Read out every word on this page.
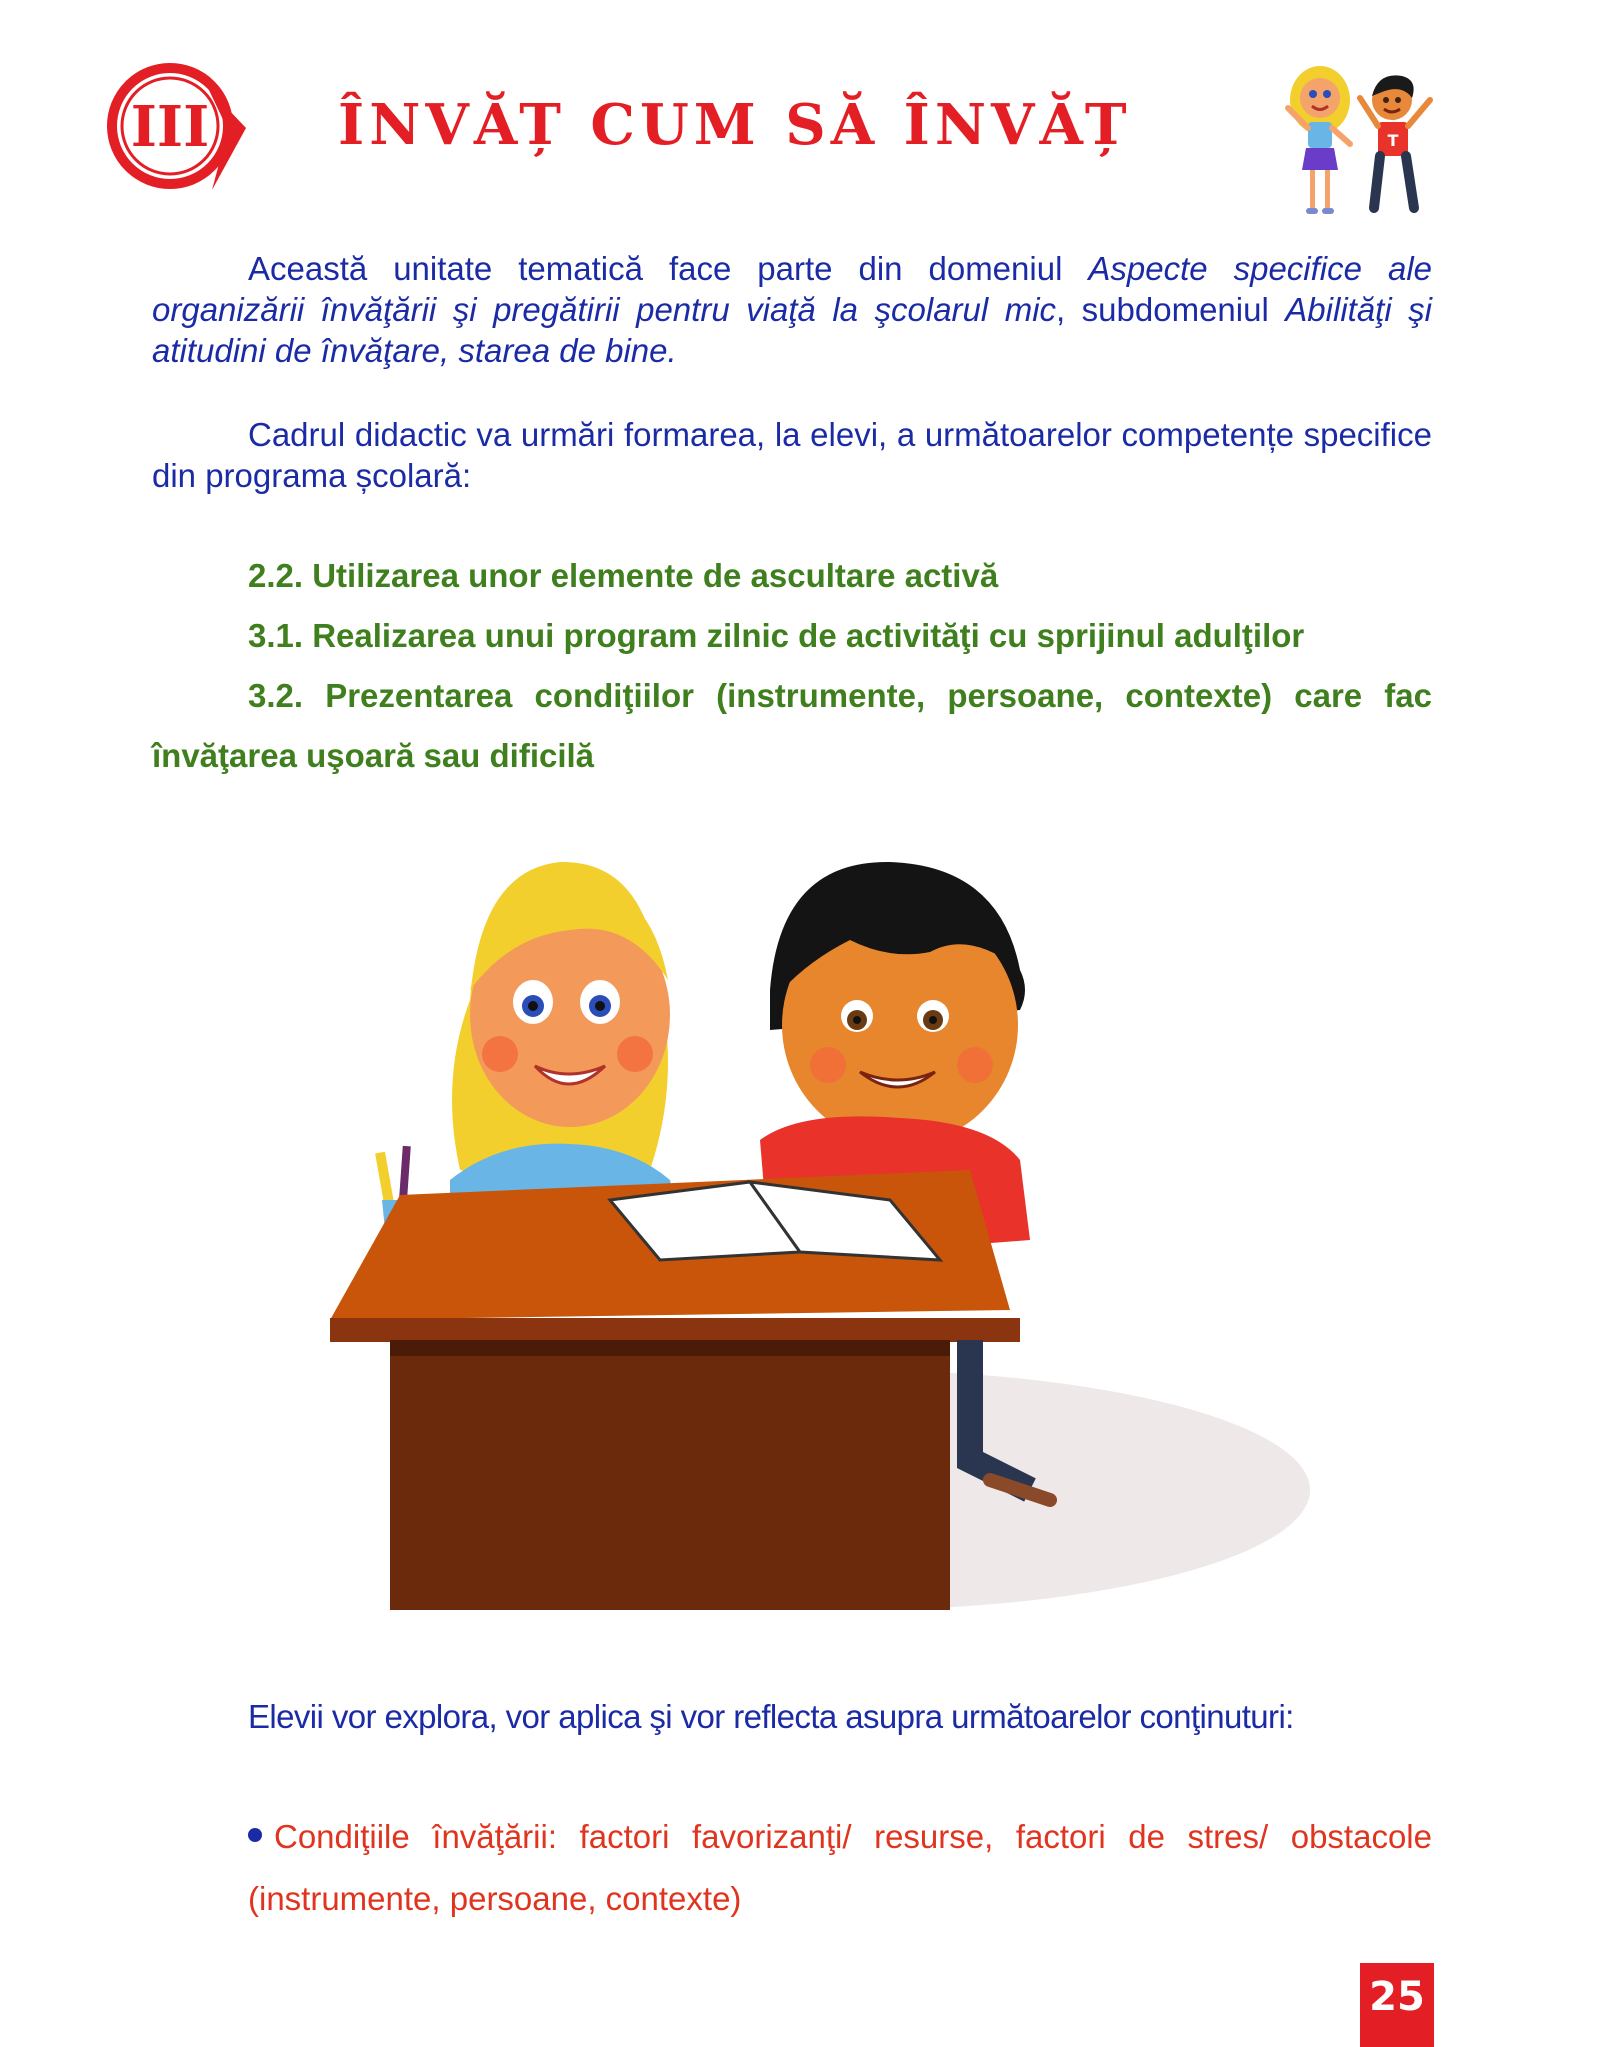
III ÎNVĂȚ CUM SĂ ÎNVĂȚ	T

Această unitate tematică face parte din domeniul Aspecte specifice ale organizării învăţării şi pregătirii pentru viaţă la şcolarul mic, subdomeniul Abilităţi şi atitudini de învăţare, starea de bine.

Cadrul didactic va urmări formarea, la elevi, a următoarelor competențe specifice din programa școlară:

2.2. Utilizarea unor elemente de ascultare activă
3.1. Realizarea unui program zilnic de activităţi cu sprijinul adulţilor
3.2. Prezentarea condiţiilor (instrumente, persoane, contexte) care fac învăţarea uşoară sau dificilă

Elevii vor explora, vor aplica şi vor reflecta asupra următoarelor conţinuturi:

Condiţiile învăţării: factori favorizanţi/ resurse, factori de stres/ obstacole (instrumente, persoane, contexte)
25
